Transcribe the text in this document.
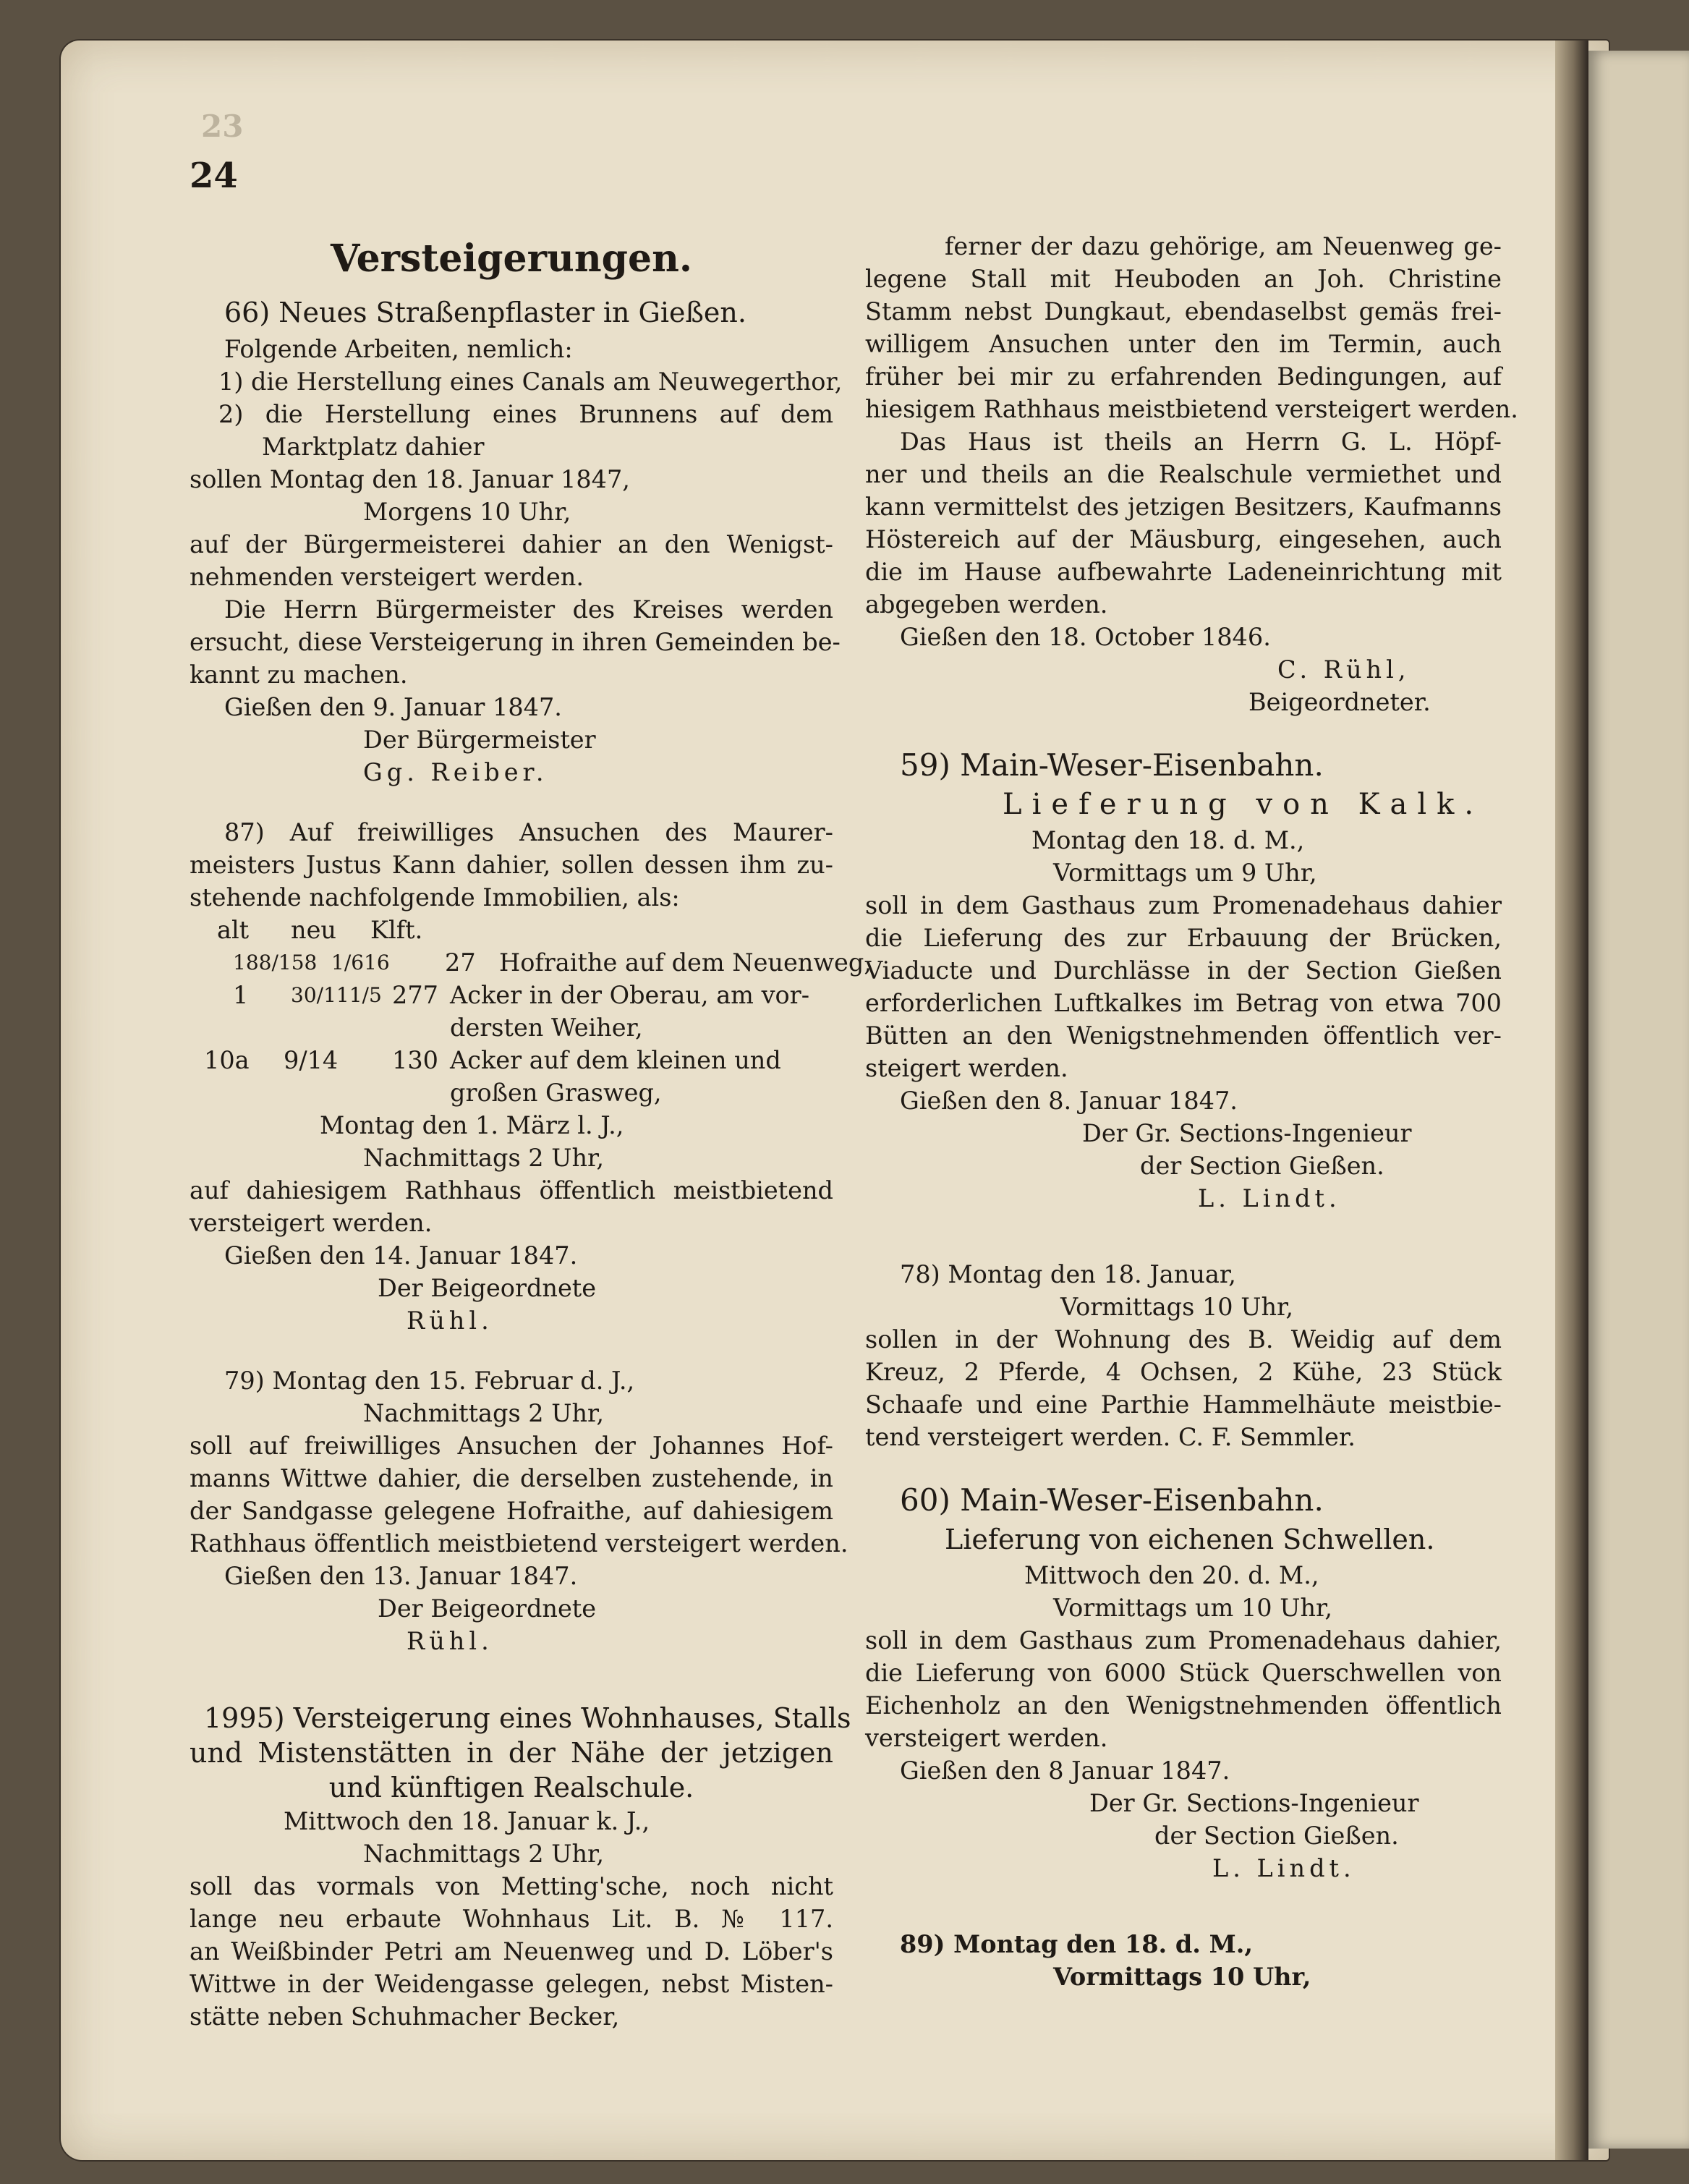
23
24
Versteigerungen.
66) Neues Straßenpflaster in Gießen.
Folgende Arbeiten, nemlich:
1) die Herstellung eines Canals am Neuwegerthor,
2) die Herstellung eines Brunnens auf dem
Marktplatz dahier
sollen Montag den 18. Januar 1847,
Morgens 10 Uhr,
auf der Bürgermeisterei dahier an den Wenigst-
nehmenden versteigert werden.
Die Herrn Bürgermeister des Kreises werden
ersucht, diese Versteigerung in ihren Gemeinden be-
kannt zu machen.
Gießen den 9. Januar 1847.
Der Bürgermeister
Gg. Reiber.
87) Auf freiwilliges Ansuchen des Maurer-
meisters Justus Kann dahier, sollen dessen ihm zu-
stehende nachfolgende Immobilien, als:
alt neu Klft.
188/158 1/616 27 Hofraithe auf dem Neuenweg,
1 30/111/5 277 Acker in der Oberau, am vor-
dersten Weiher,
10a 9/14 130 Acker auf dem kleinen und
großen Grasweg,
Montag den 1. März l. J.,
Nachmittags 2 Uhr,
auf dahiesigem Rathhaus öffentlich meistbietend
versteigert werden.
Gießen den 14. Januar 1847.
Der Beigeordnete
Rühl.
79) Montag den 15. Februar d. J.,
Nachmittags 2 Uhr,
soll auf freiwilliges Ansuchen der Johannes Hof-
manns Wittwe dahier, die derselben zustehende, in
der Sandgasse gelegene Hofraithe, auf dahiesigem
Rathhaus öffentlich meistbietend versteigert werden.
Gießen den 13. Januar 1847.
Der Beigeordnete
Rühl.
1995) Versteigerung eines Wohnhauses, Stalls
und Mistenstätten in der Nähe der jetzigen
und künftigen Realschule.
Mittwoch den 18. Januar k. J.,
Nachmittags 2 Uhr,
soll das vormals von Metting'sche, noch nicht
lange neu erbaute Wohnhaus Lit. B. № 117.
an Weißbinder Petri am Neuenweg und D. Löber's
Wittwe in der Weidengasse gelegen, nebst Misten-
stätte neben Schuhmacher Becker,
ferner der dazu gehörige, am Neuenweg ge-
legene Stall mit Heuboden an Joh. Christine
Stamm nebst Dungkaut, ebendaselbst gemäs frei-
willigem Ansuchen unter den im Termin, auch
früher bei mir zu erfahrenden Bedingungen, auf
hiesigem Rathhaus meistbietend versteigert werden.
Das Haus ist theils an Herrn G. L. Höpf-
ner und theils an die Realschule vermiethet und
kann vermittelst des jetzigen Besitzers, Kaufmanns
Höstereich auf der Mäusburg, eingesehen, auch
die im Hause aufbewahrte Ladeneinrichtung mit
abgegeben werden.
Gießen den 18. October 1846.
C. Rühl,
Beigeordneter.
59) Main-Weser-Eisenbahn.
Lieferung von Kalk.
Montag den 18. d. M.,
Vormittags um 9 Uhr,
soll in dem Gasthaus zum Promenadehaus dahier
die Lieferung des zur Erbauung der Brücken,
Viaducte und Durchlässe in der Section Gießen
erforderlichen Luftkalkes im Betrag von etwa 700
Bütten an den Wenigstnehmenden öffentlich ver-
steigert werden.
Gießen den 8. Januar 1847.
Der Gr. Sections-Ingenieur
der Section Gießen.
L. Lindt.
78) Montag den 18. Januar,
Vormittags 10 Uhr,
sollen in der Wohnung des B. Weidig auf dem
Kreuz, 2 Pferde, 4 Ochsen, 2 Kühe, 23 Stück
Schaafe und eine Parthie Hammelhäute meistbie-
tend versteigert werden. C. F. Semmler.
60) Main-Weser-Eisenbahn.
Lieferung von eichenen Schwellen.
Mittwoch den 20. d. M.,
Vormittags um 10 Uhr,
soll in dem Gasthaus zum Promenadehaus dahier,
die Lieferung von 6000 Stück Querschwellen von
Eichenholz an den Wenigstnehmenden öffentlich
versteigert werden.
Gießen den 8 Januar 1847.
Der Gr. Sections-Ingenieur
der Section Gießen.
L. Lindt.
89) Montag den 18. d. M.,
Vormittags 10 Uhr,
